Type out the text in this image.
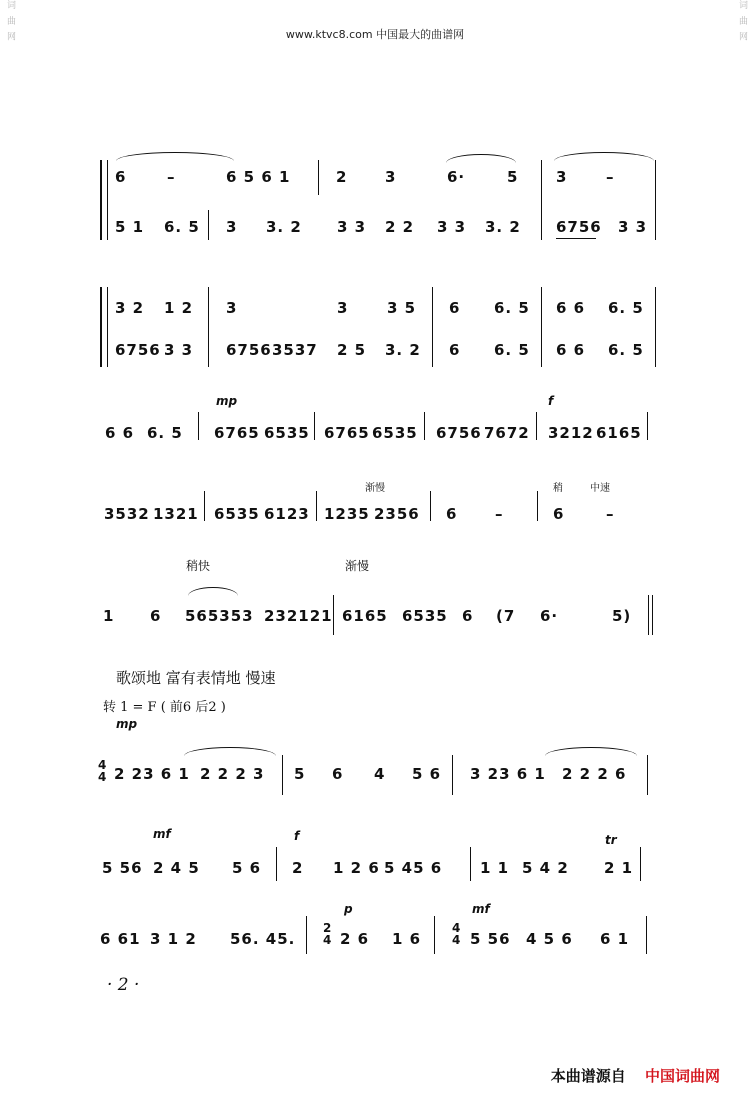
词 曲 网	词 曲 网
www.ktvc8.com 中国最大的曲谱网
6	–	6 5 6 1	2	3	6·	5	3	–
5 1 6. 5 3 3. 2 3 3 2 2 3 3 3. 2 6756 3 3
3 2 1 2 3	3	3 5 6 6. 5 6 6 6. 5
6756 3 3 6756 3537 2 5 3. 2 6 6. 5 6 6 6. 5
mp	f
6 6 6. 5 6765 6535 6765 6535 6756 7672 3212 6165
渐慢	稍	中速
3532 1321 6535 6123 1235 2356 6	–	6	–
稍快	渐慢
1 6 565353 232121 6165 6535 6 (7 6·	5)
歌颂地 富有表情地 慢速
转 1 = F ( 前6 后2 )
mp
4
4 2 23 6 1 2 2 2 3 5 6 4 5 6 3 23 6 1 2 2 2 6
mf	f	tr
5 56 2 4 5 5 6 2 1 2 6 5 45 6	1 1 5 4 2 2 1
p	mf
6 61 3 1 2 56. 45.
2
4 2 6 1 6
4
4 5 56 4 5 6 6 1
· 2 ·
本曲谱源自 中国词曲网
